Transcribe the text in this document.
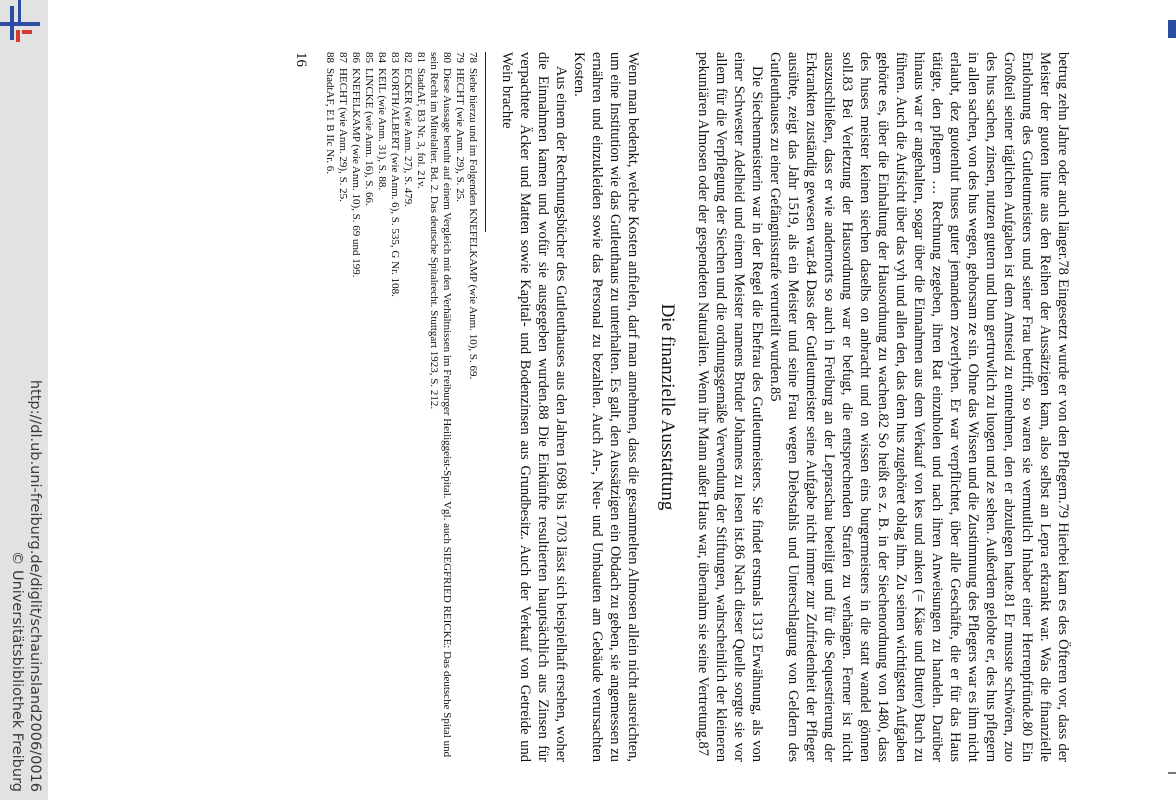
http://dl.ub.uni-freiburg.de/diglit/schauinsland2006/0016
© Universitätsbibliothek Freiburg	betrug zehn Jahre oder auch länger.78 Eingesetzt wurde er von den Pflegern.79 Hierbei kam es des Öfteren vor, dass der Meister der guoten liute aus den Reihen der Aussätzigen kam, also selbst an Lepra erkrankt war. Was die finanzielle Entlohnung des Gutleutmeisters und seiner Frau betrifft, so waren sie vermutlich Inhaber einer Herrenpfründe.80 Ein Großteil seiner täglichen Aufgaben ist dem Amtseid zu entnehmen, den er abzulegen hatte.81 Er musste schwören, zuo des hus sachen, zinsen, nutzen gutern und bun gertruwlich zu luogen und ze sehen. Außerdem gelobte er, des hus pflegern in allen sachen, von des hus wegen, gehorsam ze sin. Ohne das Wissen und die Zustimmung des Pflegers war es ihm nicht erlaubt, dez guotenlut huses guter jemandem zeverlyhen. Er war verpflichtet, über alle Geschäfte, die er für das Haus tätigte, den pflegern … Rechnung zegeben, ihren Rat einzuholen und nach ihren Anweisungen zu handeln. Darüber hinaus war er angehalten, sogar über die Einnahmen aus dem Verkauf von kes und anken (= Käse und Butter) Buch zu führen. Auch die Aufsicht über das vyh und allen den, das dem hus zugehöret oblag ihm. Zu seinen wichtigsten Aufgaben gehörte es, über die Einhaltung der Hausordnung zu wachen.82 So heißt es z. B. in der Siechenordnung von 1480, dass des huses meister keinen siechen daselbs on anbracht und on wissen eins burgermeisters in die statt wandel gönnen soll.83 Bei Verletzung der Hausordnung war er befugt, die entsprechenden Strafen zu verhängen. Ferner ist nicht auszuschließen, dass er wie andernorts so auch in Freiburg an der Lepraschau beteiligt und für die Sequestrierung der Erkrankten zuständig gewesen war.84 Dass der Gutleutmeister seine Aufgabe nicht immer zur Zufriedenheit der Pfleger ausübte, zeigt das Jahr 1519, als ein Meister und seine Frau wegen Diebstahls und Unterschlagung von Geldern des Gutleuthauses zu einer Gefängnisstrafe verurteilt wurden.85

Die Siechenmeisterin war in der Regel die Ehefrau des Gutleutmeisters. Sie findet erstmals 1313 Erwähnung, als von einer Schwester Adelheid und einem Meister namens Bruder Johannes zu lesen ist.86 Nach dieser Quelle sorgte sie vor allem für die Verpflegung der Siechen und die ordnungsgemäße Verwendung der Stiftungen, wahrscheinlich der kleineren pekuniären Almosen oder der gespendeten Naturalien. Wenn ihr Mann außer Haus war, übernahm sie seine Vertretung.87

Die finanzielle Ausstattung

Wenn man bedenkt, welche Kosten anfielen, darf man annehmen, dass die gesammelten Almosen allein nicht ausreichten, um eine Institution wie das Gutleuthaus zu unterhalten. Es galt, den Aussätzigen ein Obdach zu geben, sie angemessen zu ernähren und einzukleiden sowie das Personal zu bezahlen. Auch An-, Neu- und Umbauten am Gebäude verursachten Kosten.

Aus einem der Rechnungsbücher des Gutleuthauses aus den Jahren 1698 bis 1703 lässt sich beispielhaft ersehen, woher die Einnahmen kamen und wofür sie ausgegeben wurden.88 Die Einkünfte resultierten hauptsächlich aus Zinsen für verpachtete Äcker und Matten sowie Kapital- und Bodenzinsen aus Grundbesitz. Auch der Verkauf von Getreide und Wein brachte

78Siehe hierzu und im Folgenden KNEFELKAMP (wie Anm. 10), S. 69.

79HECHT (wie Anm. 29), S. 25.

80Diese Aussage beruht auf einem Vergleich mit den Verhältnissen im Freiburger Heiliggeist-Spital. Vgl. auch SIEGFRIED REICKE: Das deutsche Spital und sein Recht im Mittelalter. Bd. 2. Das deutsche Spitalrecht. Stuttgart 1923, S. 212.

81StadtAF, B3 Nr. 3, fol. 21v.

82ECKER (wie Anm. 27), S. 479.

83KORTH/ALBERT (wie Anm. 6), S. 535, G Nr. 108.

84KEIL (wie Anm. 31), S. 88.

85LINCKE (wie Anm. 16), S. 66.

86KNEFELKAMP (wie Anm. 10), S. 69 und 199.

87HECHT (wie Anm. 29), S. 25.

88StadtAF, E1 B IIc Nr. 6.

16
